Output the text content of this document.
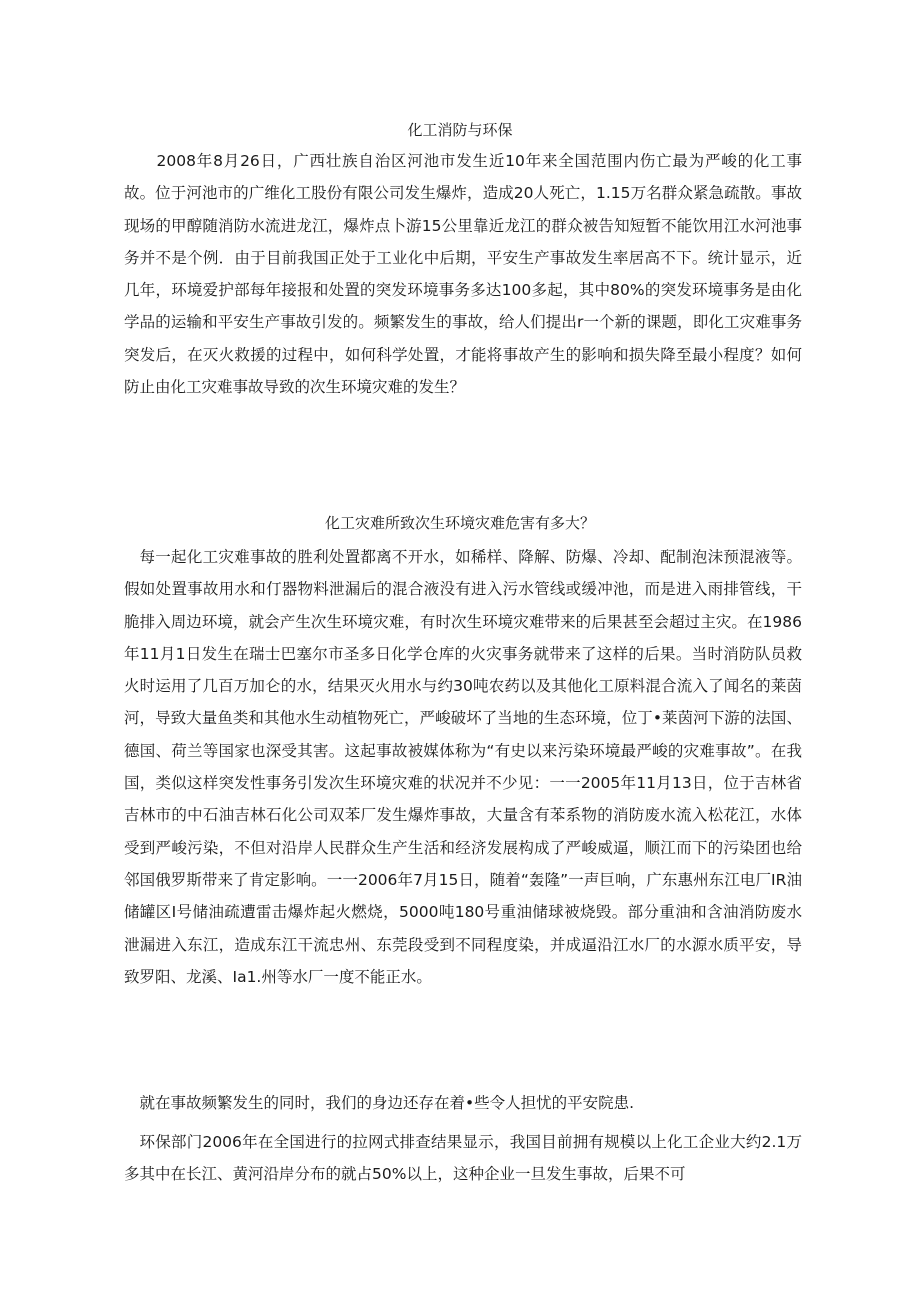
化工消防与环保

2008年8月26日，广西壮族自治区河池市发生近10年来全国范围内伤亡最为严峻的化工事故。位于河池市的广维化工股份有限公司发生爆炸，造成20人死亡，1.15万名群众紧急疏散。事故现场的甲醇随消防水流进龙江，爆炸点卜游15公里靠近龙江的群众被告知短暂不能饮用江水河池事务并不是个例．由于目前我国正处于工业化中后期，平安生产事故发生率居高不下。统计显示，近几年，环境爱护部每年接报和处置的突发环境事务多达100多起，其中80%的突发环境事务是由化学品的运输和平安生产事故引发的。频繁发生的事故，给人们提出r一个新的课题，即化工灾难事务突发后，在灭火救援的过程中，如何科学处置，才能将事故产生的影响和损失降至最小程度？如何防止由化工灾难事故导致的次生环境灾难的发生？

化工灾难所致次生环境灾难危害有多大？

每一起化工灾难事故的胜利处置都离不开水，如稀样、降解、防爆、冷却、配制泡沫预混液等。假如处置事故用水和仃器物料泄漏后的混合液没有进入污水管线或缓冲池，而是进入雨排管线，干脆排入周边环境，就会产生次生环境灾难，有时次生环境灾难带来的后果甚至会超过主灾。在1986年11月1日发生在瑞士巴塞尔市圣多日化学仓库的火灾事务就带来了这样的后果。当时消防队员救火时运用了几百万加仑的水，结果灭火用水与约30吨农药以及其他化工原料混合流入了闻名的莱茵河，导致大量鱼类和其他水生动植物死亡，严峻破坏了当地的生态环境，位丁•莱茵河下游的法国、德国、荷兰等国家也深受其害。这起事故被媒体称为“有史以来污染环境最严峻的灾难事故”。在我国，类似这样突发性事务引发次生环境灾难的状况并不少见：一一2005年11月13日，位于吉林省吉林市的中石油吉林石化公司双苯厂发生爆炸事故，大量含有苯系物的消防废水流入松花江，水体受到严峻污染，不但对沿岸人民群众生产生活和经济发展构成了严峻威逼，顺江而下的污染团也给邻国俄罗斯带来了肯定影响。一一2006年7月15日，随着“轰隆”一声巨响，广东惠州东江电厂IR油储罐区I号储油疏遭雷击爆炸起火燃烧，5000吨180号重油储球被烧毁。部分重油和含油消防废水泄漏进入东江，造成东江干流忠州、东莞段受到不同程度染，并成逼沿江水厂的水源水质平安，导致罗阳、龙溪、Ia1.州等水厂一度不能正水。

就在事故频繁发生的同时，我们的身边还存在着•些令人担忧的平安院患.

环保部门2006年在全国进行的拉网式排查结果显示，我国目前拥有规模以上化工企业大约2.1万多其中在长江、黄河沿岸分布的就占50%以上，这种企业一旦发生事故，后果不可
